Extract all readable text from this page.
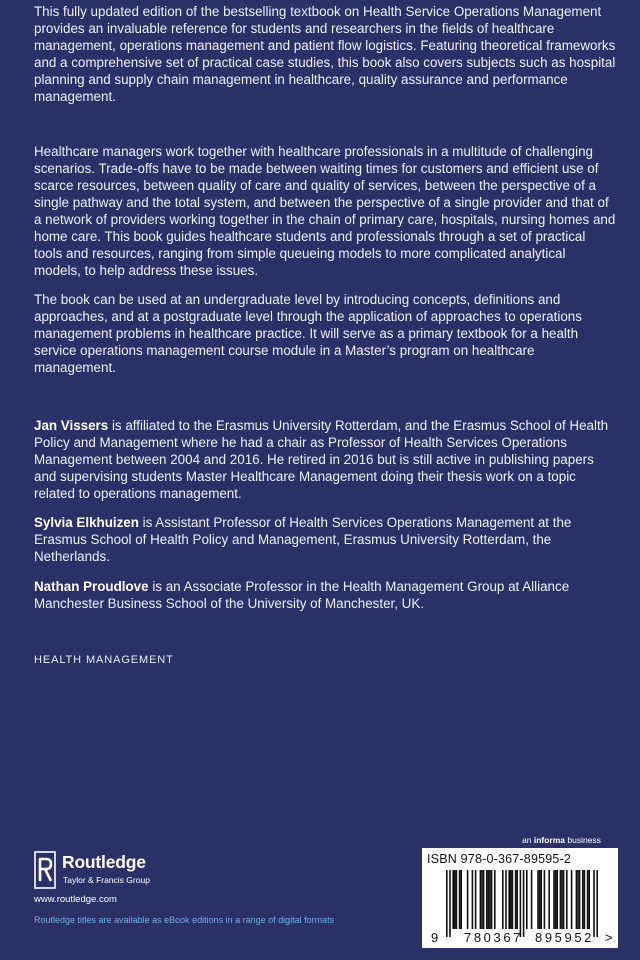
This fully updated edition of the bestselling textbook on Health Service Operations Management provides an invaluable reference for students and researchers in the fields of healthcare management, operations management and patient flow logistics. Featuring theoretical frameworks and a comprehensive set of practical case studies, this book also covers subjects such as hospital planning and supply chain management in healthcare, quality assurance and performance management.

Healthcare managers work together with healthcare professionals in a multitude of challenging scenarios. Trade-offs have to be made between waiting times for customers and efficient use of scarce resources, between quality of care and quality of services, between the perspective of a single pathway and the total system, and between the perspective of a single provider and that of a network of providers working together in the chain of primary care, hospitals, nursing homes and home care. This book guides healthcare students and professionals through a set of practical tools and resources, ranging from simple queueing models to more complicated analytical models, to help address these issues.

The book can be used at an undergraduate level by introducing concepts, definitions and approaches, and at a postgraduate level through the application of approaches to operations management problems in healthcare practice. It will serve as a primary textbook for a health service operations management course module in a Master’s program on healthcare management.

Jan Vissers is affiliated to the Erasmus University Rotterdam, and the Erasmus School of Health Policy and Management where he had a chair as Professor of Health Services Operations Management between 2004 and 2016. He retired in 2016 but is still active in publishing papers and supervising students Master Healthcare Management doing their thesis work on a topic related to operations management.

Sylvia Elkhuizen is Assistant Professor of Health Services Operations Management at the Erasmus School of Health Policy and Management, Erasmus University Rotterdam, the Netherlands.

Nathan Proudlove is an Associate Professor in the Health Management Group at Alliance Manchester Business School of the University of Manchester, UK.

HEALTH MANAGEMENT
an informa business
Routledge
Taylor & Francis Group
www.routledge.com
Routledge titles are available as eBook editions in a range of digital formats
ISBN 978-0-367-89595-2
9 780367 895952 >
